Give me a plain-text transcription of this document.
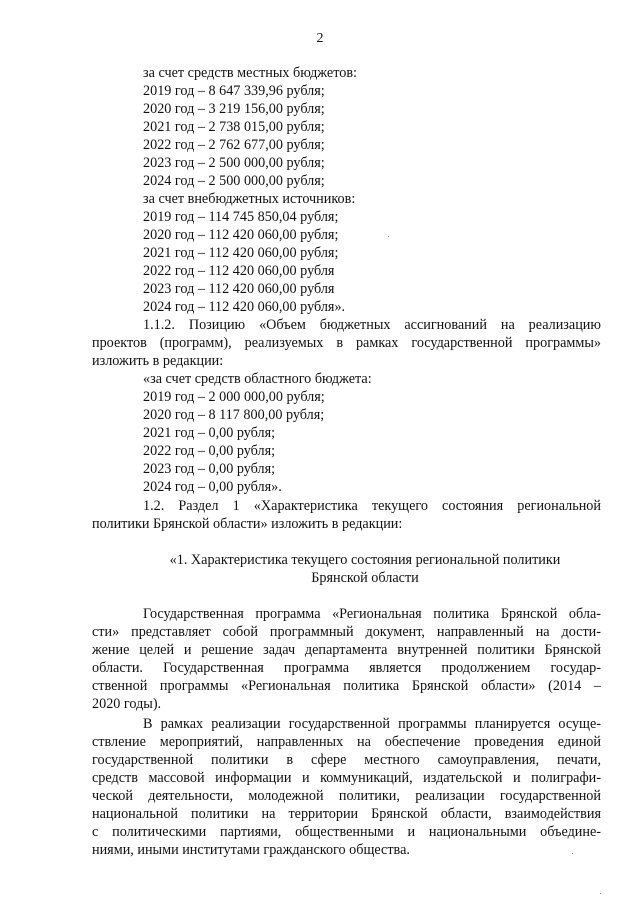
2
за счет средств местных бюджетов:
2019 год – 8 647 339,96 рубля;
2020 год – 3 219 156,00 рубля;
2021 год – 2 738 015,00 рубля;
2022 год – 2 762 677,00 рубля;
2023 год – 2 500 000,00 рубля;
2024 год – 2 500 000,00 рубля;
за счет внебюджетных источников:
2019 год – 114 745 850,04 рубля;
2020 год – 112 420 060,00 рубля;
2021 год – 112 420 060,00 рубля;
2022 год – 112 420 060,00 рубля
2023 год – 112 420 060,00 рубля
2024 год – 112 420 060,00 рубля».
1.1.2. Позицию «Объем бюджетных ассигнований на реализацию
проектов (программ), реализуемых в рамках государственной программы»
изложить в редакции:
«за счет средств областного бюджета:
2019 год – 2 000 000,00 рубля;
2020 год – 8 117 800,00 рубля;
2021 год – 0,00 рубля;
2022 год – 0,00 рубля;
2023 год – 0,00 рубля;
2024 год – 0,00 рубля».
1.2. Раздел 1 «Характеристика текущего состояния региональной
политики Брянской области» изложить в редакции:
«1. Характеристика текущего состояния региональной политики
Брянской области
Государственная программа «Региональная политика Брянской обла-
сти» представляет собой программный документ, направленный на дости-
жение целей и решение задач департамента внутренней политики Брянской
области. Государственная программа является продолжением государ-
ственной программы «Региональная политика Брянской области» (2014 –
2020 годы).
В рамках реализации государственной программы планируется осуще-
ствление мероприятий, направленных на обеспечение проведения единой
государственной политики в сфере местного самоуправления, печати,
средств массовой информации и коммуникаций, издательской и полиграфи-
ческой деятельности, молодежной политики, реализации государственной
национальной политики на территории Брянской области, взаимодействия
с политическими партиями, общественными и национальными объедине-
ниями, иными институтами гражданского общества.
